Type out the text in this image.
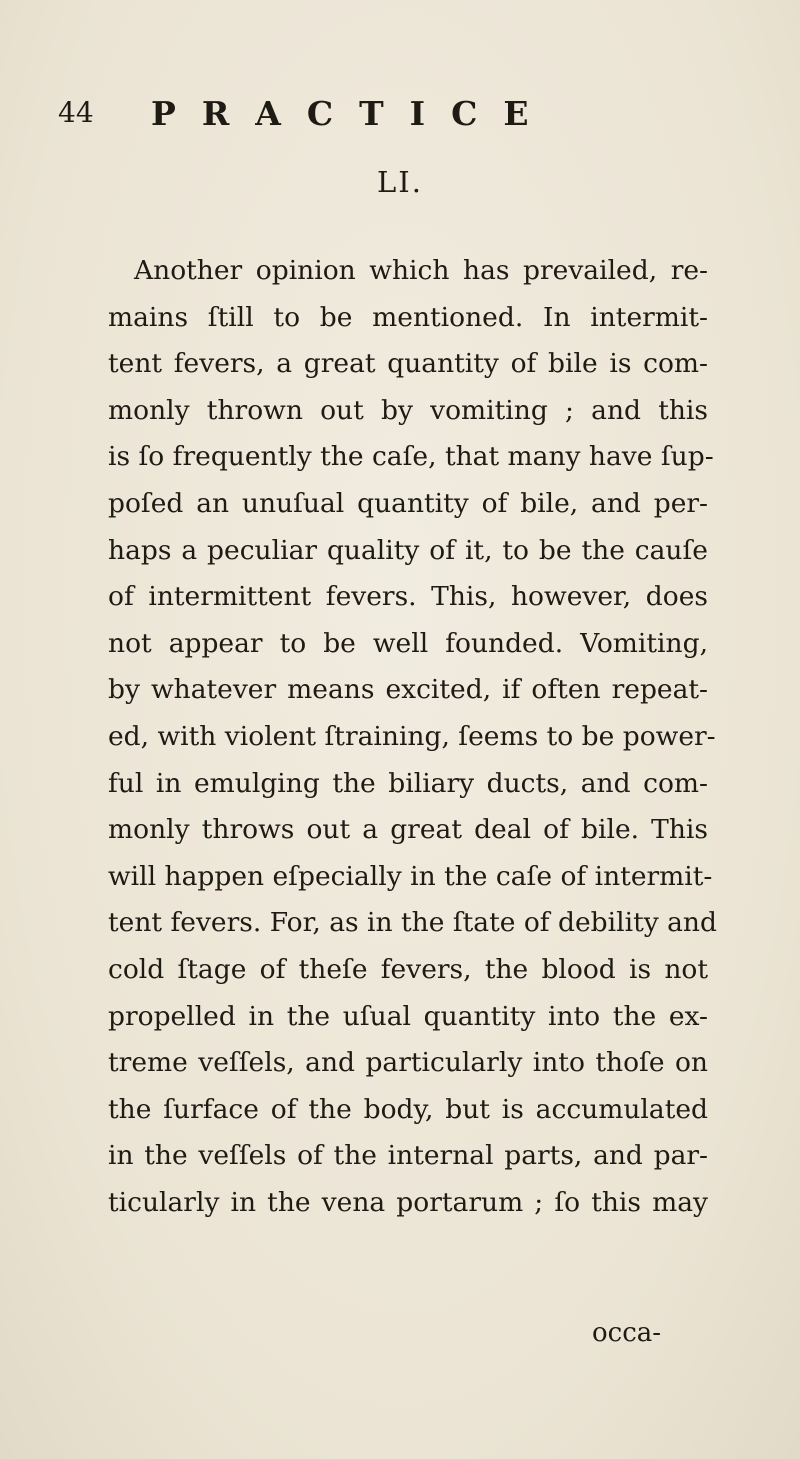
44 PRACTICE
LI.
Another opinion which has prevailed, re-
mains ſtill to be mentioned. In intermit-
tent fevers, a great quantity of bile is com-
monly thrown out by vomiting ; and this
is ſo frequently the caſe, that many have ſup-
poſed an unuſual quantity of bile, and per-
haps a peculiar quality of it, to be the cauſe
of intermittent fevers. This, however, does
not appear to be well founded. Vomiting,
by whatever means excited, if often repeat-
ed, with violent ſtraining, ſeems to be power-
ful in emulging the biliary ducts, and com-
monly throws out a great deal of bile. This
will happen eſpecially in the caſe of intermit-
tent fevers. For, as in the ſtate of debility and
cold ſtage of theſe fevers, the blood is not
propelled in the uſual quantity into the ex-
treme veſſels, and particularly into thoſe on
the ſurface of the body, but is accumulated
in the veſſels of the internal parts, and par-
ticularly in the vena portarum ; ſo this may
occa-
